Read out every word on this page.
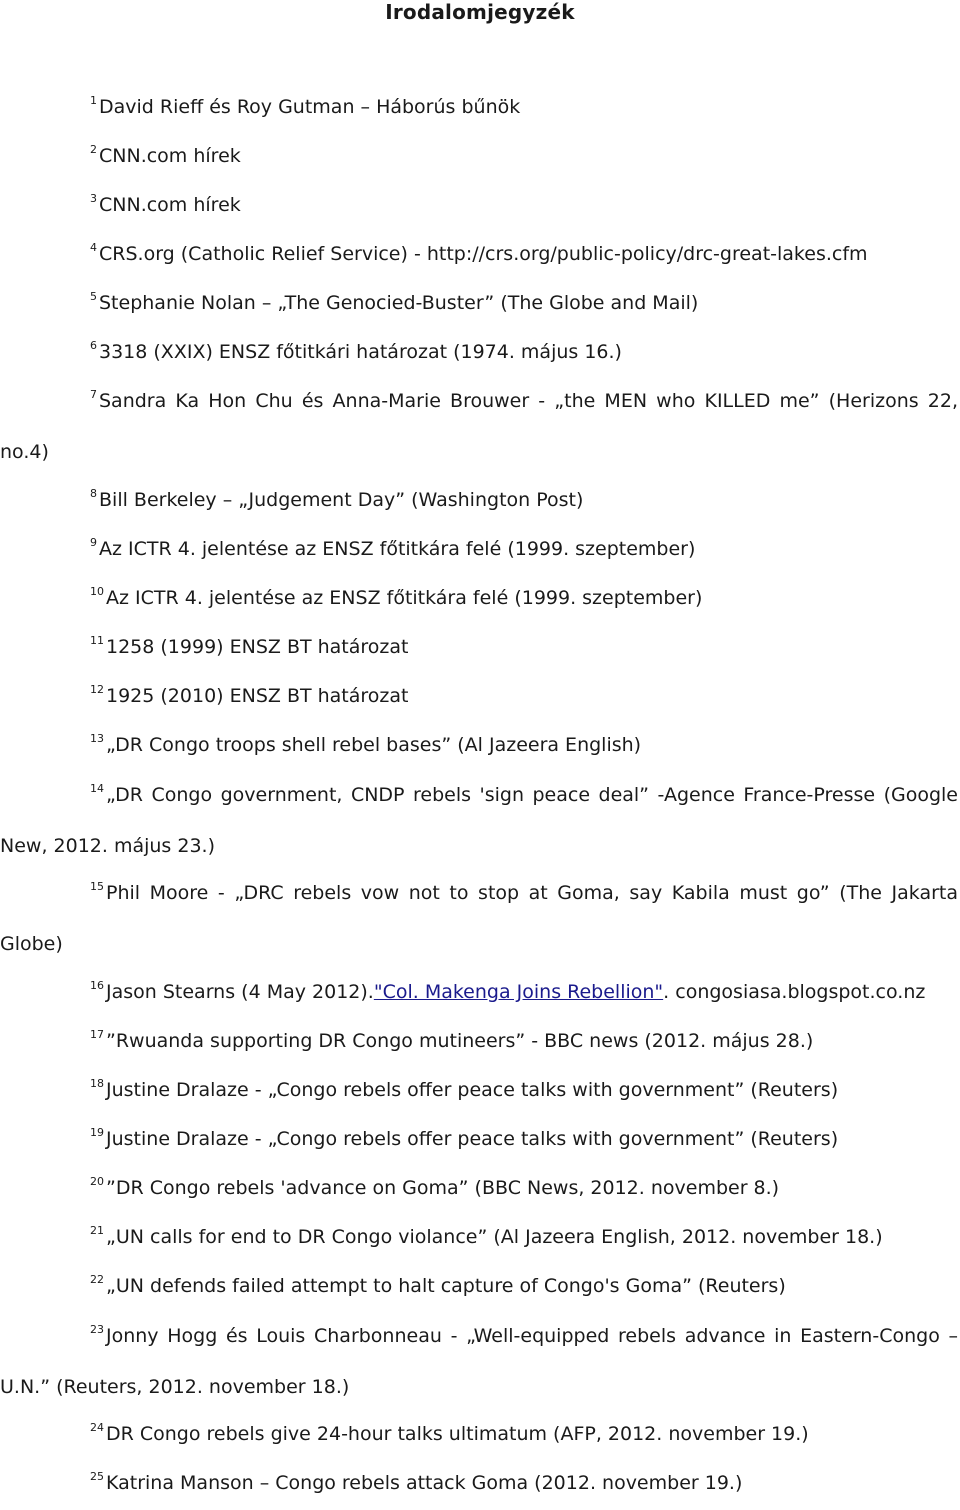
Irodalomjegyzék

$^1$ David Rieff és Roy Gutman – Háborús bűnök

$^2$ CNN.com hírek

$^3$ CNN.com hírek

$^4$ CRS.org (Catholic Relief Service) - http://crs.org/public-policy/drc-great-lakes.cfm

$^5$ Stephanie Nolan – „The Genocied-Buster” (The Globe and Mail)

$^6$ 3318 (XXIX) ENSZ főtitkári határozat (1974. május 16.)

$^7$ Sandra Ka Hon Chu és Anna-Marie Brouwer - „the MEN who KILLED me” (Herizons 22, no.4)

$^8$ Bill Berkeley – „Judgement Day” (Washington Post)

$^9$ Az ICTR 4. jelentése az ENSZ főtitkára felé (1999. szeptember)

$^{10}$ Az ICTR 4. jelentése az ENSZ főtitkára felé (1999. szeptember)

$^{11}$ 1258 (1999) ENSZ BT határozat

$^{12}$ 1925 (2010) ENSZ BT határozat

$^{13}$ „DR Congo troops shell rebel bases” (Al Jazeera English)

$^{14}$ „DR Congo government, CNDP rebels 'sign peace deal” -Agence France-Presse (Google New, 2012. május 23.)

$^{15}$ Phil Moore - „DRC rebels vow not to stop at Goma, say Kabila must go” (The Jakarta Globe)

$^{16}$ Jason Stearns (4 May 2012)."Col. Makenga Joins Rebellion". congosiasa.blogspot.co.nz

$^{17}$ ”Rwuanda supporting DR Congo mutineers” - BBC news (2012. május 28.)

$^{18}$ Justine Dralaze - „Congo rebels offer peace talks with government” (Reuters)

$^{19}$ Justine Dralaze - „Congo rebels offer peace talks with government” (Reuters)

$^{20}$ ”DR Congo rebels 'advance on Goma” (BBC News, 2012. november 8.)

$^{21}$ „UN calls for end to DR Congo violance” (Al Jazeera English, 2012. november 18.)

$^{22}$ „UN defends failed attempt to halt capture of Congo's Goma” (Reuters)

$^{23}$ Jonny Hogg és Louis Charbonneau - „Well-equipped rebels advance in Eastern-Congo – U.N.” (Reuters, 2012. november 18.)

$^{24}$ DR Congo rebels give 24-hour talks ultimatum (AFP, 2012. november 19.)

$^{25}$ Katrina Manson – Congo rebels attack Goma (2012. november 19.)
